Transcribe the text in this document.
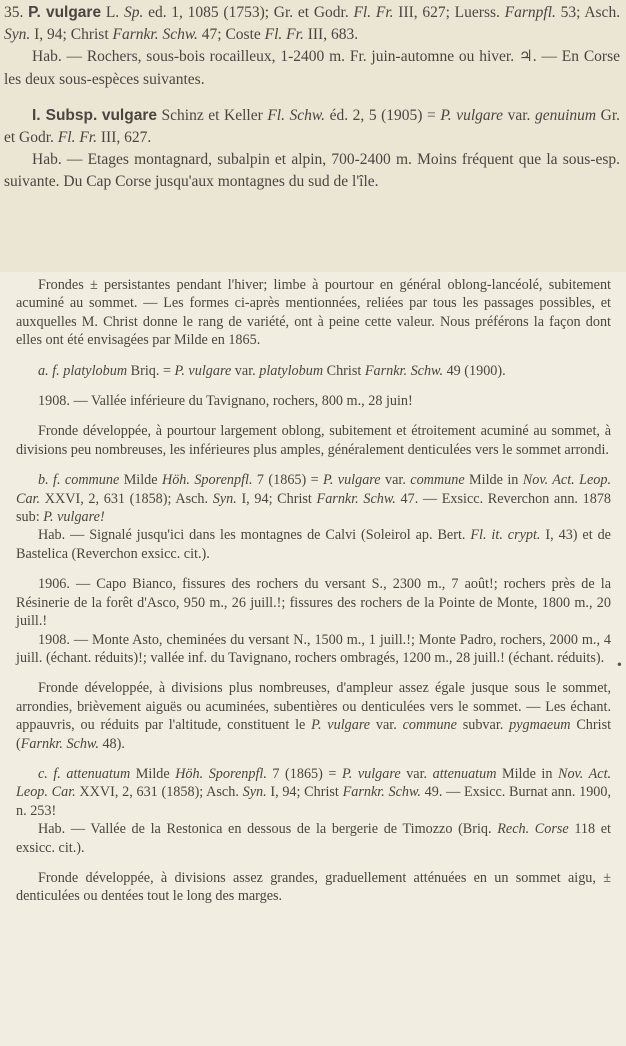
35. P. vulgare L. Sp. ed. 1, 1085 (1753); Gr. et Godr. Fl. Fr. III, 627; Luerss. Farnpfl. 53; Asch. Syn. I, 94; Christ Farnkr. Schw. 47; Coste Fl. Fr. III, 683.

Hab. — Rochers, sous-bois rocailleux, 1-2400 m. Fr. juin-automne ou hiver. ♃. — En Corse les deux sous-espèces suivantes.

I. Subsp. vulgare Schinz et Keller Fl. Schw. éd. 2, 5 (1905) = P. vulgare var. genuinum Gr. et Godr. Fl. Fr. III, 627.

Hab. — Etages montagnard, subalpin et alpin, 700-2400 m. Moins fréquent que la sous-esp. suivante. Du Cap Corse jusqu'aux montagnes du sud de l'île.

Frondes ± persistantes pendant l'hiver; limbe à pourtour en général oblong-lancéolé, subitement acuminé au sommet. — Les formes ci-après mentionnées, reliées par tous les passages possibles, et auxquelles M. Christ donne le rang de variété, ont à peine cette valeur. Nous préférons la façon dont elles ont été envisagées par Milde en 1865.

a. f. platylobum Briq. = P. vulgare var. platylobum Christ Farnkr. Schw. 49 (1900).

1908. — Vallée inférieure du Tavignano, rochers, 800 m., 28 juin!

Fronde développée, à pourtour largement oblong, subitement et étroitement acuminé au sommet, à divisions peu nombreuses, les inférieures plus amples, généralement denticulées vers le sommet arrondi.

b. f. commune Milde Höh. Sporenpfl. 7 (1865) = P. vulgare var. commune Milde in Nov. Act. Leop. Car. XXVI, 2, 631 (1858); Asch. Syn. I, 94; Christ Farnkr. Schw. 47. — Exsicc. Reverchon ann. 1878 sub: P. vulgare!

Hab. — Signalé jusqu'ici dans les montagnes de Calvi (Soleirol ap. Bert. Fl. it. crypt. I, 43) et de Bastelica (Reverchon exsicc. cit.).

1906. — Capo Bianco, fissures des rochers du versant S., 2300 m., 7 août!; rochers près de la Résinerie de la forêt d'Asco, 950 m., 26 juill.!; fissures des rochers de la Pointe de Monte, 1800 m., 20 juill.!

1908. — Monte Asto, cheminées du versant N., 1500 m., 1 juill.!; Monte Padro, rochers, 2000 m., 4 juill. (échant. réduits)!; vallée inf. du Tavignano, rochers ombragés, 1200 m., 28 juill.! (échant. réduits).

Fronde développée, à divisions plus nombreuses, d'ampleur assez égale jusque sous le sommet, arrondies, brièvement aiguës ou acuminées, subentières ou denticulées vers le sommet. — Les échant. appauvris, ou réduits par l'altitude, constituent le P. vulgare var. commune subvar. pygmaeum Christ (Farnkr. Schw. 48).

c. f. attenuatum Milde Höh. Sporenpfl. 7 (1865) = P. vulgare var. attenuatum Milde in Nov. Act. Leop. Car. XXVI, 2, 631 (1858); Asch. Syn. I, 94; Christ Farnkr. Schw. 49. — Exsicc. Burnat ann. 1900, n. 253!

Hab. — Vallée de la Restonica en dessous de la bergerie de Timozzo (Briq. Rech. Corse 118 et exsicc. cit.).

Fronde développée, à divisions assez grandes, graduellement atténuées en un sommet aigu, ± denticulées ou dentées tout le long des marges.

•
